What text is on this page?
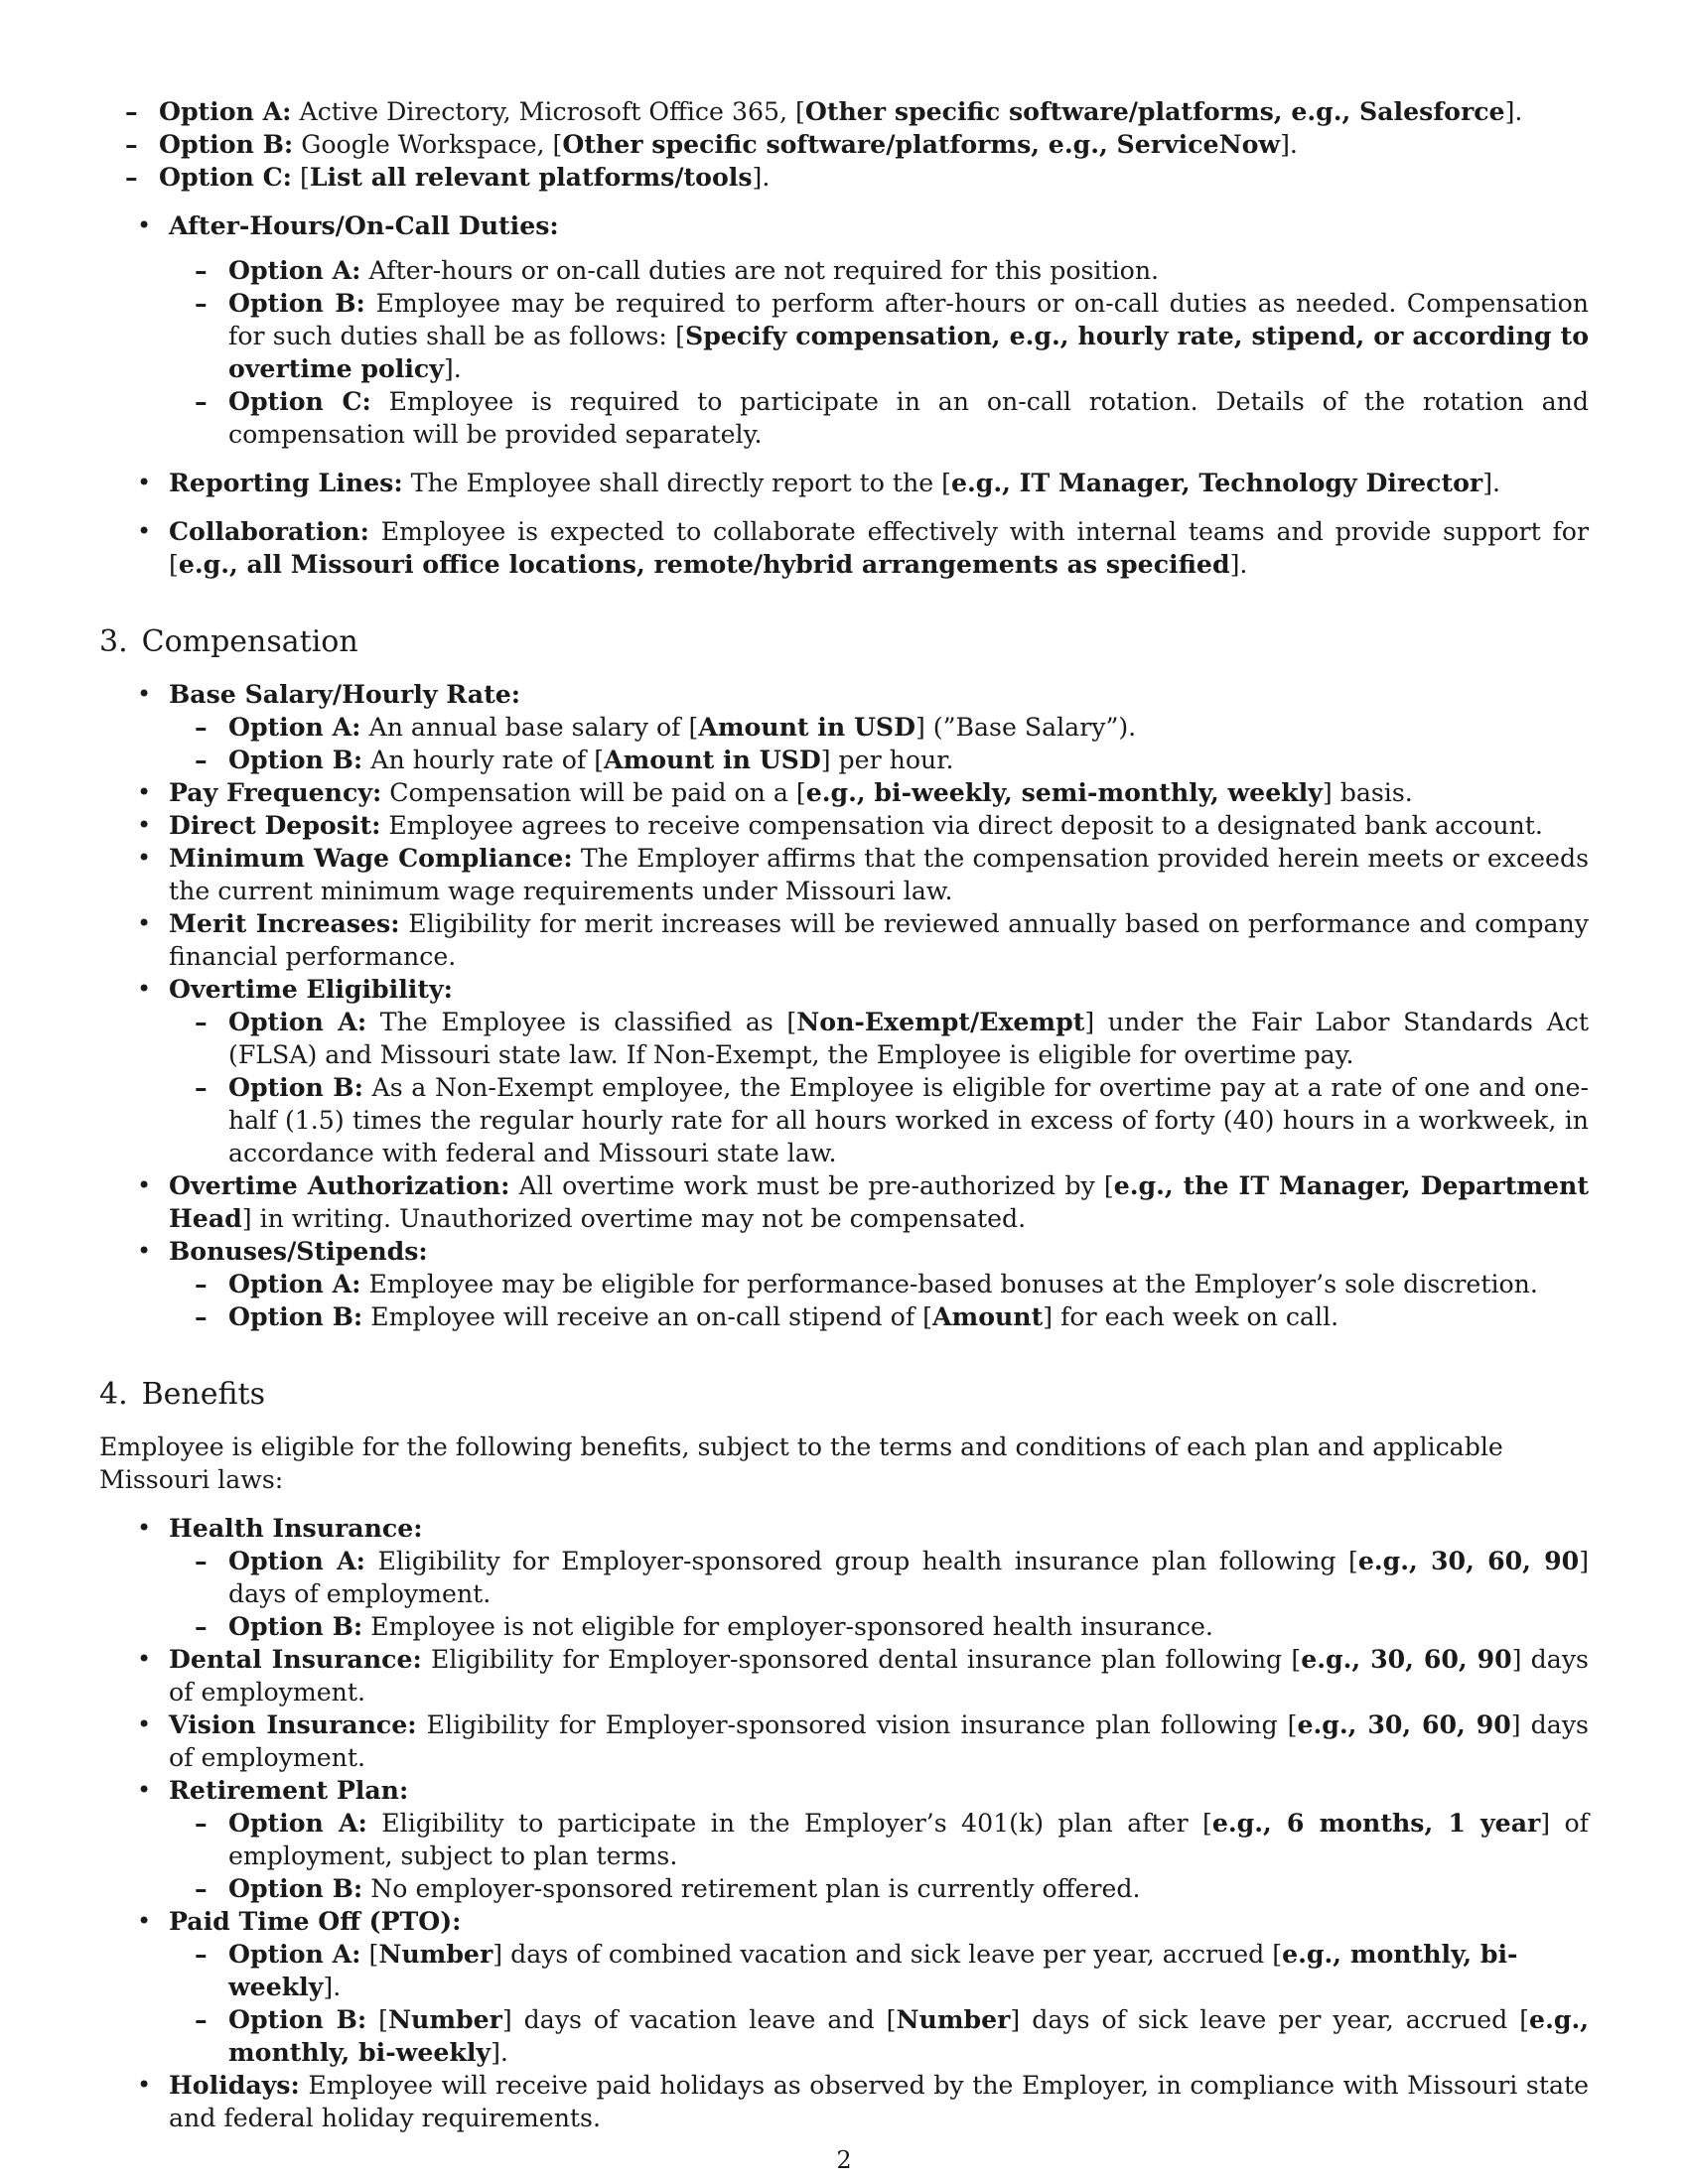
– Option A: Active Directory, Microsoft Office 365, [Other specific software/platforms, e.g., Salesforce].
– Option B: Google Workspace, [Other specific software/platforms, e.g., ServiceNow].
– Option C: [List all relevant platforms/tools].
• After-Hours/On-Call Duties:
– Option A: After-hours or on-call duties are not required for this position.
– Option B: Employee may be required to perform after-hours or on-call duties as needed. Compensation for such duties shall be as follows: [Specify compensation, e.g., hourly rate, stipend, or according to overtime policy].
– Option C: Employee is required to participate in an on-call rotation. Details of the rotation and compensation will be provided separately.
• Reporting Lines: The Employee shall directly report to the [e.g., IT Manager, Technology Director].
• Collaboration: Employee is expected to collaborate effectively with internal teams and provide support for [e.g., all Missouri office locations, remote/hybrid arrangements as specified].
3. Compensation
• Base Salary/Hourly Rate:
– Option A: An annual base salary of [Amount in USD] (”Base Salary”).
– Option B: An hourly rate of [Amount in USD] per hour.
• Pay Frequency: Compensation will be paid on a [e.g., bi-weekly, semi-monthly, weekly] basis.
• Direct Deposit: Employee agrees to receive compensation via direct deposit to a designated bank account.
• Minimum Wage Compliance: The Employer affirms that the compensation provided herein meets or exceeds the current minimum wage requirements under Missouri law.
• Merit Increases: Eligibility for merit increases will be reviewed annually based on performance and company financial performance.
• Overtime Eligibility:
– Option A: The Employee is classified as [Non-Exempt/Exempt] under the Fair Labor Standards Act (FLSA) and Missouri state law. If Non-Exempt, the Employee is eligible for overtime pay.
– Option B: As a Non-Exempt employee, the Employee is eligible for overtime pay at a rate of one and one-half (1.5) times the regular hourly rate for all hours worked in excess of forty (40) hours in a workweek, in accordance with federal and Missouri state law.
• Overtime Authorization: All overtime work must be pre-authorized by [e.g., the IT Manager, Department Head] in writing. Unauthorized overtime may not be compensated.
• Bonuses/Stipends:
– Option A: Employee may be eligible for performance-based bonuses at the Employer’s sole discretion.
– Option B: Employee will receive an on-call stipend of [Amount] for each week on call.
4. Benefits

Employee is eligible for the following benefits, subject to the terms and conditions of each plan and applicable Missouri laws:

• Health Insurance:
– Option A: Eligibility for Employer-sponsored group health insurance plan following [e.g., 30, 60, 90] days of employment.
– Option B: Employee is not eligible for employer-sponsored health insurance.
• Dental Insurance: Eligibility for Employer-sponsored dental insurance plan following [e.g., 30, 60, 90] days of employment.
• Vision Insurance: Eligibility for Employer-sponsored vision insurance plan following [e.g., 30, 60, 90] days of employment.
• Retirement Plan:
– Option A: Eligibility to participate in the Employer’s 401(k) plan after [e.g., 6 months, 1 year] of employment, subject to plan terms.
– Option B: No employer-sponsored retirement plan is currently offered.
• Paid Time Off (PTO):
– Option A: [Number] days of combined vacation and sick leave per year, accrued [e.g., monthly, bi-weekly].
– Option B: [Number] days of vacation leave and [Number] days of sick leave per year, accrued [e.g., monthly, bi-weekly].
• Holidays: Employee will receive paid holidays as observed by the Employer, in compliance with Missouri state and federal holiday requirements.
2
